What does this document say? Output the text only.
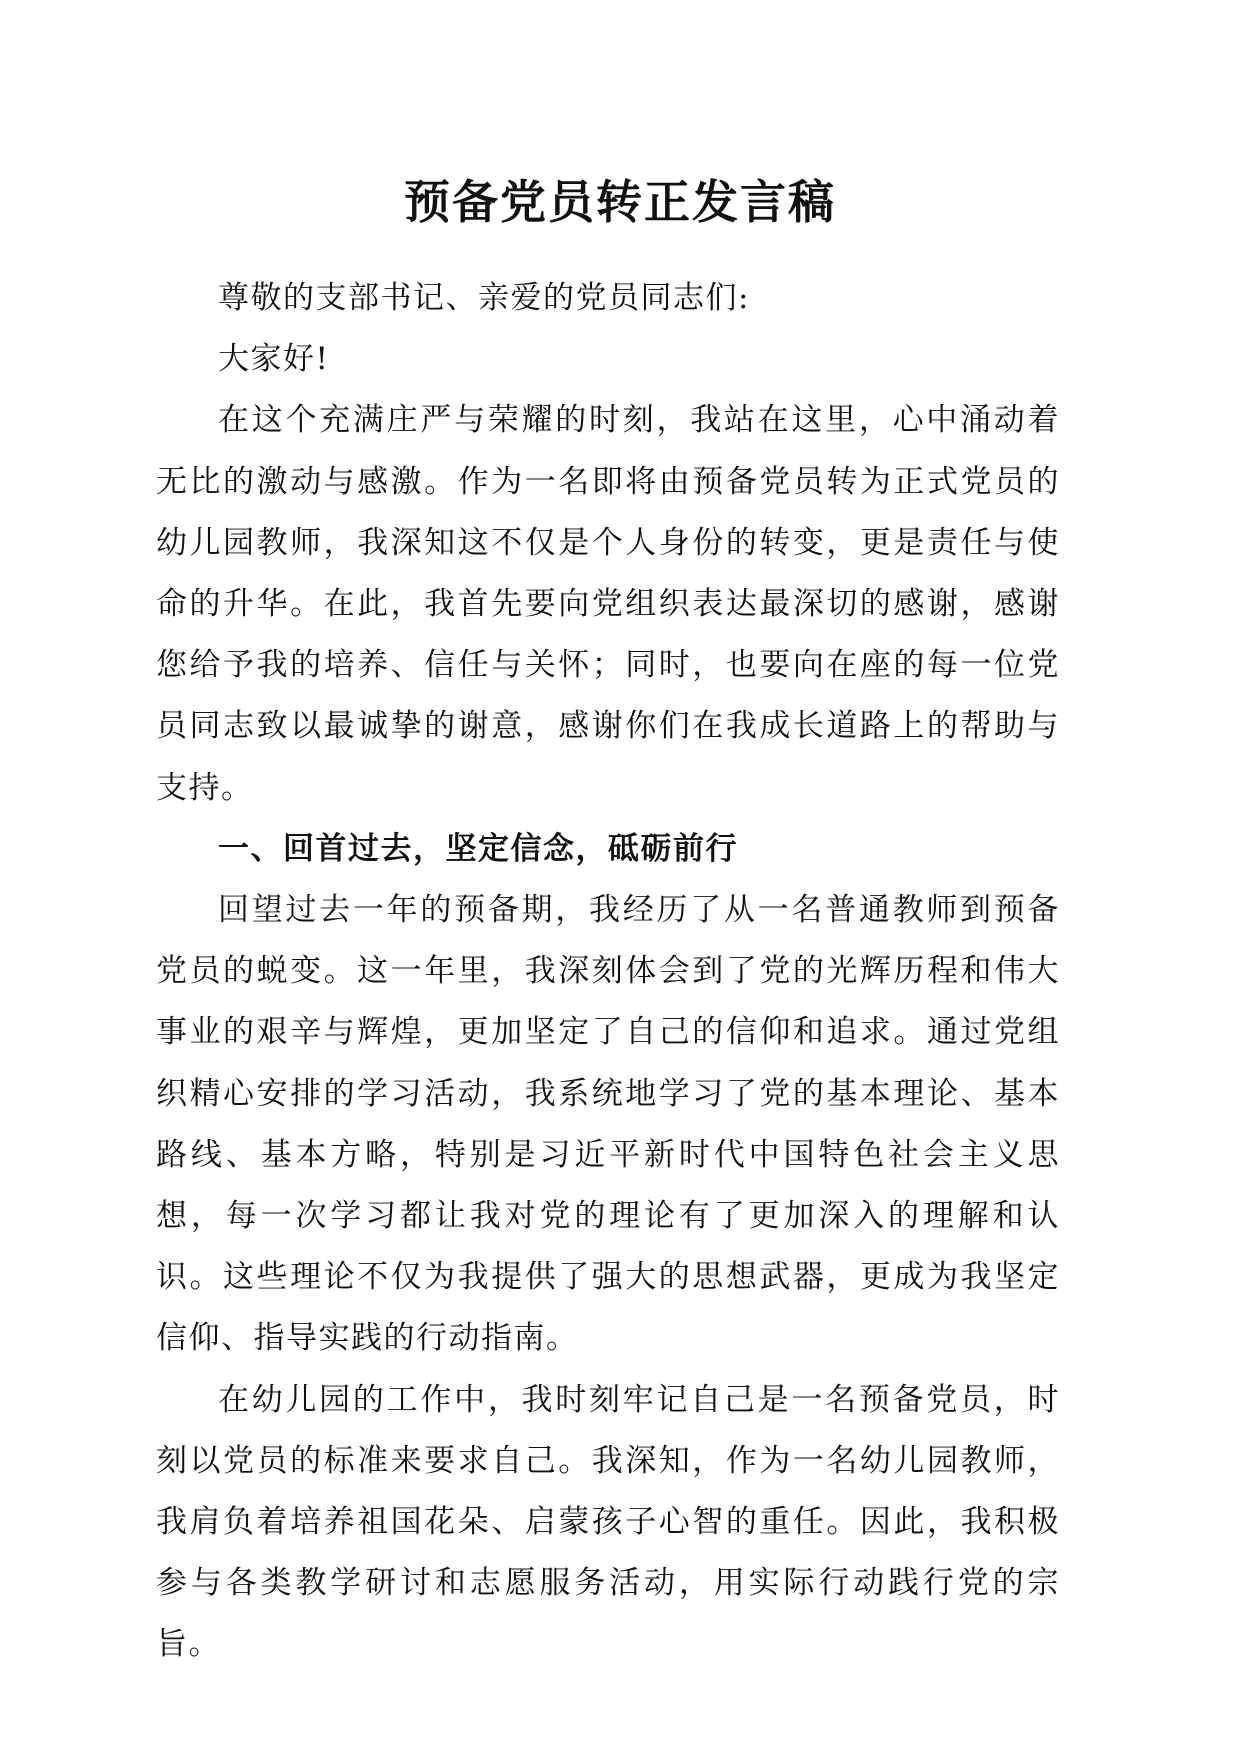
预备党员转正发言稿

尊敬的支部书记、亲爱的党员同志们:

大家好!

在这个充满庄严与荣耀的时刻，我站在这里，心中涌动着无比的激动与感激。作为一名即将由预备党员转为正式党员的幼儿园教师，我深知这不仅是个人身份的转变，更是责任与使命的升华。在此，我首先要向党组织表达最深切的感谢，感谢您给予我的培养、信任与关怀；同时，也要向在座的每一位党员同志致以最诚挚的谢意，感谢你们在我成长道路上的帮助与支持。

一、回首过去，坚定信念，砥砺前行

回望过去一年的预备期，我经历了从一名普通教师到预备党员的蜕变。这一年里，我深刻体会到了党的光辉历程和伟大事业的艰辛与辉煌，更加坚定了自己的信仰和追求。通过党组织精心安排的学习活动，我系统地学习了党的基本理论、基本路线、基本方略，特别是习近平新时代中国特色社会主义思想，每一次学习都让我对党的理论有了更加深入的理解和认识。这些理论不仅为我提供了强大的思想武器，更成为我坚定信仰、指导实践的行动指南。

在幼儿园的工作中，我时刻牢记自己是一名预备党员，时刻以党员的标准来要求自己。我深知，作为一名幼儿园教师，我肩负着培养祖国花朵、启蒙孩子心智的重任。因此，我积极参与各类教学研讨和志愿服务活动，用实际行动践行党的宗旨。
